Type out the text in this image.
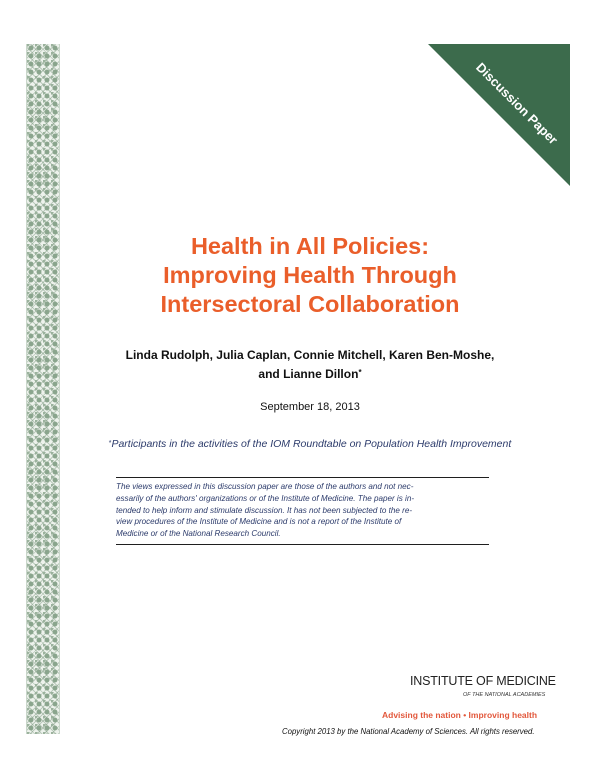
Discussion Paper
Health in All Policies:
Improving Health Through
Intersectoral Collaboration
Linda Rudolph, Julia Caplan, Connie Mitchell, Karen Ben-Moshe,
and Lianne Dillon*
September 18, 2013
*Participants in the activities of the IOM Roundtable on Population Health Improvement
The views expressed in this discussion paper are those of the authors and not nec-
essarily of the authors' organizations or of the Institute of Medicine. The paper is in-
tended to help inform and stimulate discussion. It has not been subjected to the re-
view procedures of the Institute of Medicine and is not a report of the Institute of
Medicine or of the National Research Council.
INSTITUTE OF MEDICINE
OF THE NATIONAL ACADEMIES
Advising the nation • Improving health
Copyright 2013 by the National Academy of Sciences. All rights reserved.
